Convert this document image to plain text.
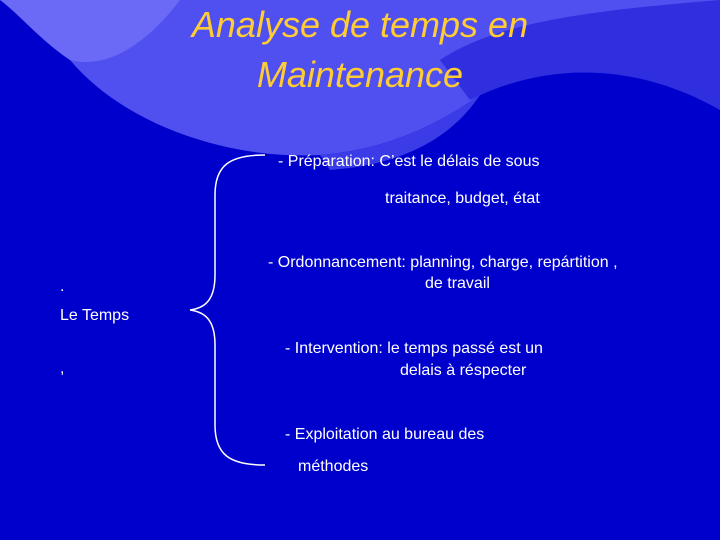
Analyse de temps en
Maintenance
.
Le Temps
,
- Préparation: C’est le délais de sous
traitance, budget, état
- Ordonnancement: planning, charge, repártition ,
de travail
- Intervention: le temps passé est un
delais à réspecter
- Exploitation au bureau des
méthodes
